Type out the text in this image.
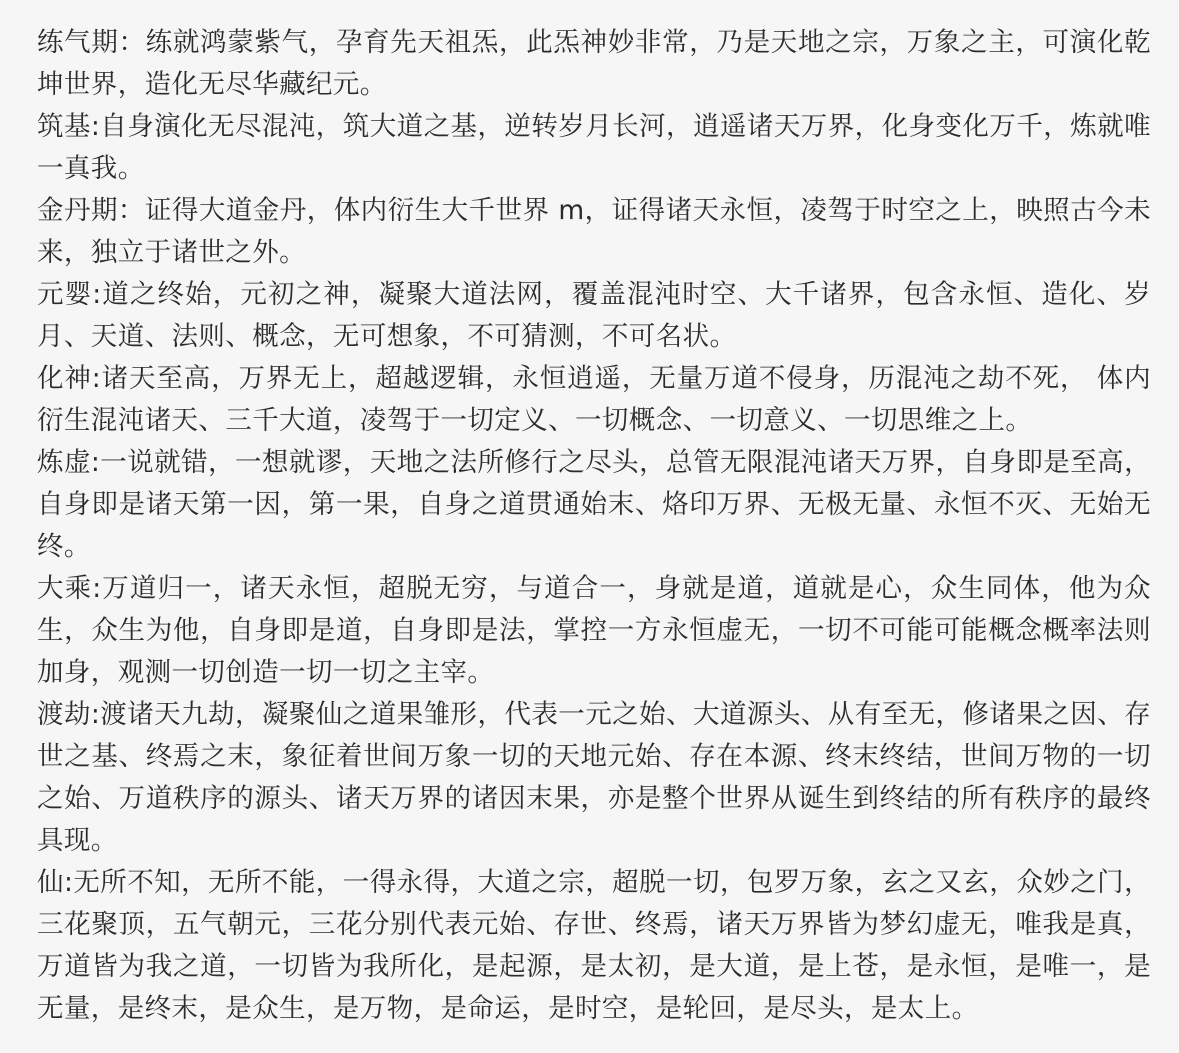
练气期：练就鸿蒙紫气，孕育先天祖炁，此炁神妙非常，乃是天地之宗，万象之主，可演化乾坤世界，造化无尽华藏纪元。
筑基:自身演化无尽混沌，筑大道之基，逆转岁月长河，逍遥诸天万界，化身变化万千，炼就唯一真我。
金丹期：证得大道金丹，体内衍生大千世界 m，证得诸天永恒，凌驾于时空之上，映照古今未来，独立于诸世之外。
元婴:道之终始，元初之神，凝聚大道法网，覆盖混沌时空、大千诸界，包含永恒、造化、岁月、天道、法则、概念，无可想象，不可猜测，不可名状。
化神:诸天至高，万界无上，超越逻辑，永恒逍遥，无量万道不侵身，历混沌之劫不死， 体内衍生混沌诸天、三千大道，凌驾于一切定义、一切概念、一切意义、一切思维之上。
炼虚:一说就错，一想就谬，天地之法所修行之尽头，总管无限混沌诸天万界，自身即是至高，自身即是诸天第一因，第一果，自身之道贯通始末、烙印万界、无极无量、永恒不灭、无始无终。
大乘:万道归一，诸天永恒，超脱无穷，与道合一，身就是道，道就是心，众生同体，他为众生，众生为他，自身即是道，自身即是法，掌控一方永恒虚无，一切不可能可能概念概率法则加身，观测一切创造一切一切之主宰。
渡劫:渡诸天九劫，凝聚仙之道果雏形，代表一元之始、大道源头、从有至无，修诸果之因、存世之基、终焉之末，象征着世间万象一切的天地元始、存在本源、终末终结，世间万物的一切之始、万道秩序的源头、诸天万界的诸因末果，亦是整个世界从诞生到终结的所有秩序的最终具现。
仙:无所不知，无所不能，一得永得，大道之宗，超脱一切，包罗万象，玄之又玄，众妙之门，三花聚顶，五气朝元，三花分别代表元始、存世、终焉，诸天万界皆为梦幻虚无，唯我是真，万道皆为我之道，一切皆为我所化，是起源，是太初，是大道，是上苍，是永恒，是唯一，是无量，是终末，是众生，是万物，是命运，是时空，是轮回，是尽头，是太上。
